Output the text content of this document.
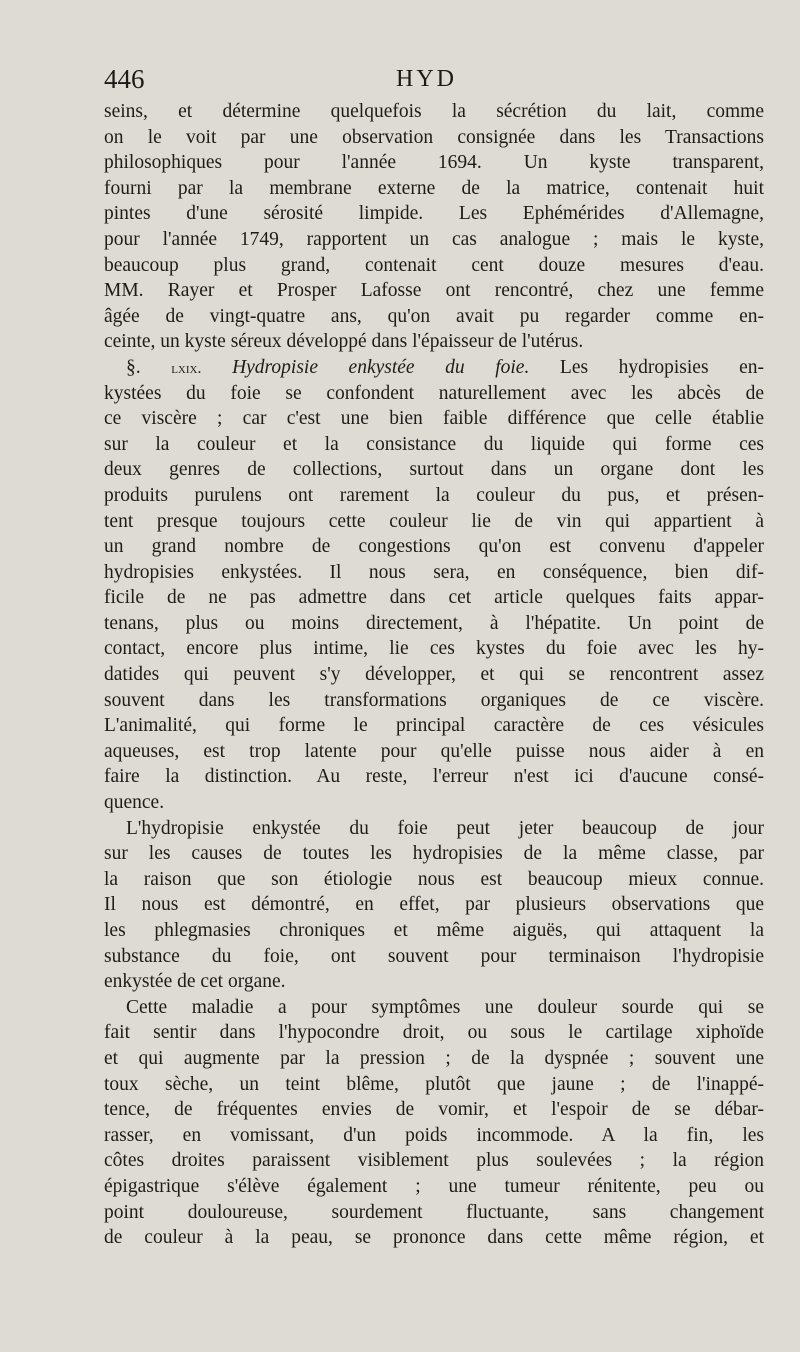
446	HYD
seins, et détermine quelquefois la sécrétion du lait, comme
on le voit par une observation consignée dans les Transactions
philosophiques pour l'année 1694. Un kyste transparent,
fourni par la membrane externe de la matrice, contenait huit
pintes d'une sérosité limpide. Les Ephémérides d'Allemagne,
pour l'année 1749, rapportent un cas analogue ; mais le kyste,
beaucoup plus grand, contenait cent douze mesures d'eau.
MM. Rayer et Prosper Lafosse ont rencontré, chez une femme
âgée de vingt-quatre ans, qu'on avait pu regarder comme en-
ceinte, un kyste séreux développé dans l'épaisseur de l'utérus.
§. lxix. Hydropisie enkystée du foie. Les hydropisies en-
kystées du foie se confondent naturellement avec les abcès de
ce viscère ; car c'est une bien faible différence que celle établie
sur la couleur et la consistance du liquide qui forme ces
deux genres de collections, surtout dans un organe dont les
produits purulens ont rarement la couleur du pus, et présen-
tent presque toujours cette couleur lie de vin qui appartient à
un grand nombre de congestions qu'on est convenu d'appeler
hydropisies enkystées. Il nous sera, en conséquence, bien dif-
ficile de ne pas admettre dans cet article quelques faits appar-
tenans, plus ou moins directement, à l'hépatite. Un point de
contact, encore plus intime, lie ces kystes du foie avec les hy-
datides qui peuvent s'y développer, et qui se rencontrent assez
souvent dans les transformations organiques de ce viscère.
L'animalité, qui forme le principal caractère de ces vésicules
aqueuses, est trop latente pour qu'elle puisse nous aider à en
faire la distinction. Au reste, l'erreur n'est ici d'aucune consé-
quence.
L'hydropisie enkystée du foie peut jeter beaucoup de jour
sur les causes de toutes les hydropisies de la même classe, par
la raison que son étiologie nous est beaucoup mieux connue.
Il nous est démontré, en effet, par plusieurs observations que
les phlegmasies chroniques et même aiguës, qui attaquent la
substance du foie, ont souvent pour terminaison l'hydropisie
enkystée de cet organe.
Cette maladie a pour symptômes une douleur sourde qui se
fait sentir dans l'hypocondre droit, ou sous le cartilage xiphoïde
et qui augmente par la pression ; de la dyspnée ; souvent une
toux sèche, un teint blême, plutôt que jaune ; de l'inappé-
tence, de fréquentes envies de vomir, et l'espoir de se débar-
rasser, en vomissant, d'un poids incommode. A la fin, les
côtes droites paraissent visiblement plus soulevées ; la région
épigastrique s'élève également ; une tumeur rénitente, peu ou
point douloureuse, sourdement fluctuante, sans changement
de couleur à la peau, se prononce dans cette même région, et
